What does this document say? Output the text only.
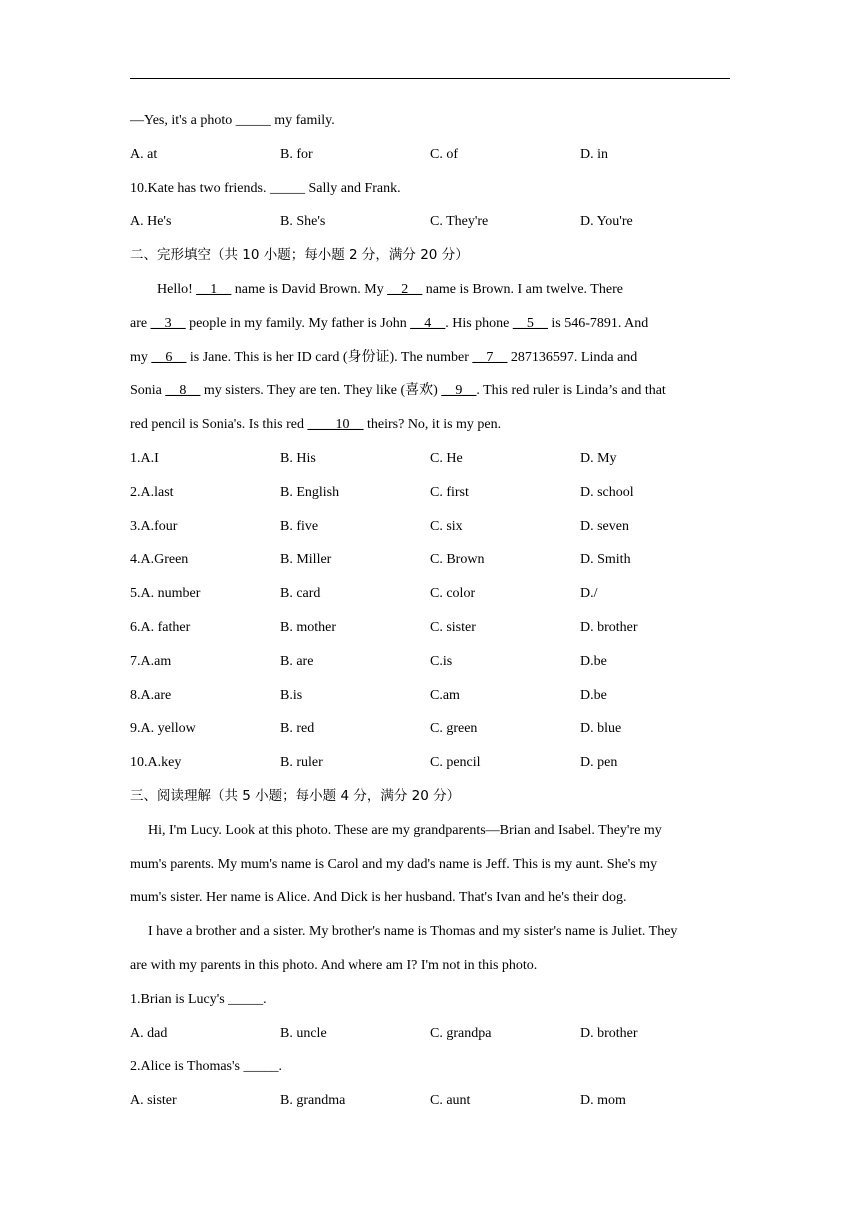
—Yes, it's a photo _____ my family.
A. at	B. for	C. of	D. in
10.Kate has two friends. _____ Sally and Frank.
A. He's	B. She's	C. They're	D. You're
二、完形填空（共 10 小题；每小题 2 分，满分 20 分）
Hello! __1__ name is David Brown. My __2__ name is Brown. I am twelve. There
are __3__ people in my family. My father is John __4__. His phone __5__ is 546-7891. And
my __6__ is Jane. This is her ID card (身份证). The number __7__ 287136597. Linda and
Sonia __8__ my sisters. They are ten. They like (喜欢) __9__. This red ruler is Linda’s and that
red pencil is Sonia's. Is this red ____10__ theirs? No, it is my pen.
1.A.I	B. His	C. He	D. My
2.A.last	B. English	C. first	D. school
3.A.four	B. five	C. six	D. seven
4.A.Green	B. Miller	C. Brown	D. Smith
5.A. number	B. card	C. color	D./
6.A. father	B. mother	C. sister	D. brother
7.A.am	B. are	C.is	D.be
8.A.are	B.is	C.am	D.be
9.A. yellow	B. red	C. green	D. blue
10.A.key	B. ruler	C. pencil	D. pen
三、阅读理解（共 5 小题；每小题 4 分，满分 20 分）
Hi, I'm Lucy. Look at this photo. These are my grandparents—Brian and Isabel. They're my
mum's parents. My mum's name is Carol and my dad's name is Jeff. This is my aunt. She's my
mum's sister. Her name is Alice. And Dick is her husband. That's Ivan and he's their dog.
I have a brother and a sister. My brother's name is Thomas and my sister's name is Juliet. They
are with my parents in this photo. And where am I? I'm not in this photo.
1.Brian is Lucy's _____.
A. dad	B. uncle	C. grandpa	D. brother
2.Alice is Thomas's _____.
A. sister	B. grandma	C. aunt	D. mom
